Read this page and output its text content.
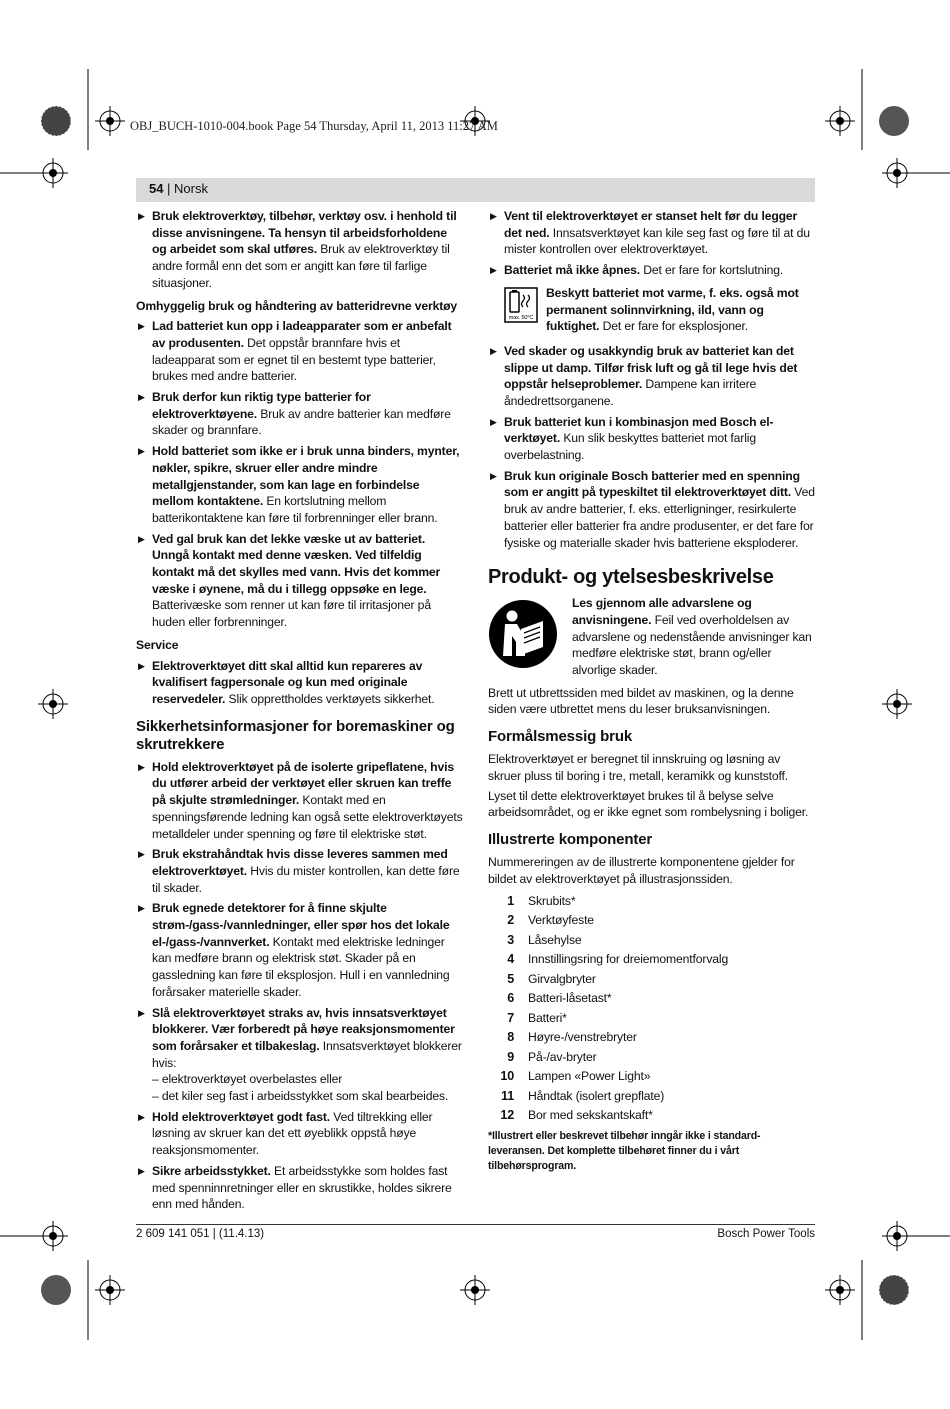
OBJ_BUCH-1010-004.book Page 54 Thursday, April 11, 2013 11:27 AM
54 | Norsk
▶ Bruk elektroverktøy, tilbehør, verktøy osv. i henhold til disse anvisningene. Ta hensyn til arbeidsforholdene og arbeidet som skal utføres. Bruk av elektroverktøy til andre formål enn det som er angitt kan føre til farlige situasjoner.
Omhyggelig bruk og håndtering av batteridrevne verktøy
▶ Lad batteriet kun opp i ladeapparater som er anbefalt av produsenten. Det oppstår brannfare hvis et ladeapparat som er egnet til en bestemt type batterier, brukes med andre batterier.
▶ Bruk derfor kun riktig type batterier for elektroverktøyene. Bruk av andre batterier kan medføre skader og brannfare.
▶ Hold batteriet som ikke er i bruk unna binders, mynter, nøkler, spikre, skruer eller andre mindre metallgjenstander, som kan lage en forbindelse mellom kontaktene. En kortslutning mellom batterikontaktene kan føre til forbrenninger eller brann.
▶ Ved gal bruk kan det lekke væske ut av batteriet. Unngå kontakt med denne væsken. Ved tilfeldig kontakt må det skylles med vann. Hvis det kommer væske i øynene, må du i tillegg oppsøke en lege. Batterivæske som renner ut kan føre til irritasjoner på huden eller forbrenninger.
Service
▶ Elektroverktøyet ditt skal alltid kun repareres av kvalifisert fagpersonale og kun med originale reservedeler. Slik opprettholdes verktøyets sikkerhet.
Sikkerhetsinformasjoner for boremaskiner og skrutrekkere
▶ Hold elektroverktøyet på de isolerte gripeflatene, hvis du utfører arbeid der verktøyet eller skruen kan treffe på skjulte strømledninger. Kontakt med en spenningsførende ledning kan også sette elektroverktøyets metalldeler under spenning og føre til elektriske støt.
▶ Bruk ekstrahåndtak hvis disse leveres sammen med elektroverktøyet. Hvis du mister kontrollen, kan dette føre til skader.
▶ Bruk egnede detektorer for å finne skjulte strøm-/gass-/vannledninger, eller spør hos det lokale el-/gass-/vannverket. Kontakt med elektriske ledninger kan medføre brann og elektrisk støt. Skader på en gassledning kan føre til eksplosjon. Hull i en vannledning forårsaker materielle skader.
▶ Slå elektroverktøyet straks av, hvis innsatsverktøyet blokkerer. Vær forberedt på høye reaksjonsmomenter som forårsaker et tilbakeslag. Innsatsverktøyet blokkerer hvis:
– elektroverktøyet overbelastes eller
– det kiler seg fast i arbeidsstykket som skal bearbeides.
▶ Hold elektroverktøyet godt fast. Ved tiltrekking eller løsning av skruer kan det ett øyeblikk oppstå høye reaksjonsmomenter.
▶ Sikre arbeidsstykket. Et arbeidsstykke som holdes fast med spenninnretninger eller en skrustikke, holdes sikrere enn med hånden.
▶ Vent til elektroverktøyet er stanset helt før du legger det ned. Innsatsverktøyet kan kile seg fast og føre til at du mister kontrollen over elektroverktøyet.
▶ Batteriet må ikke åpnes. Det er fare for kortslutning.
max. 50°C
Beskytt batteriet mot varme, f. eks. også mot permanent solinnvirkning, ild, vann og fuktighet. Det er fare for eksplosjoner.
▶ Ved skader og usakkyndig bruk av batteriet kan det slippe ut damp. Tilfør frisk luft og gå til lege hvis det oppstår helseproblemer. Dampene kan irritere åndedrettsorganene.
▶ Bruk batteriet kun i kombinasjon med Bosch el-verktøyet. Kun slik beskyttes batteriet mot farlig overbelastning.
▶ Bruk kun originale Bosch batterier med en spenning som er angitt på typeskiltet til elektroverktøyet ditt. Ved bruk av andre batterier, f. eks. etterligninger, resirkulerte batterier eller batterier fra andre produsenter, er det fare for fysiske og materialle skader hvis batteriene eksploderer.
Produkt- og ytelsesbeskrivelse
Les gjennom alle advarslene og anvisningene. Feil ved overholdelsen av advarslene og nedenstående anvisninger kan medføre elektriske støt, brann og/eller alvorlige skader.
Brett ut utbrettssiden med bildet av maskinen, og la denne siden være utbrettet mens du leser bruksanvisningen.
Formålsmessig bruk
Elektroverktøyet er beregnet til innskruing og løsning av skruer pluss til boring i tre, metall, keramikk og kunststoff.
Lyset til dette elektroverktøyet brukes til å belyse selve arbeidsområdet, og er ikke egnet som rombelysning i boliger.
Illustrerte komponenter
Nummereringen av de illustrerte komponentene gjelder for bildet av elektroverktøyet på illustrasjonssiden.
1 Skrubits*
2 Verktøyfeste
3 Låsehylse
4 Innstillingsring for dreiemomentforvalg
5 Girvalgbryter
6 Batteri-låsetast*
7 Batteri*
8 Høyre-/venstrebryter
9 På-/av-bryter
10 Lampen «Power Light»
11 Håndtak (isolert grepflate)
12 Bor med sekskantskaft*
*Illustrert eller beskrevet tilbehør inngår ikke i standard-leveransen. Det komplette tilbehøret finner du i vårt tilbehørsprogram.
2 609 141 051 | (11.4.13)	Bosch Power Tools
